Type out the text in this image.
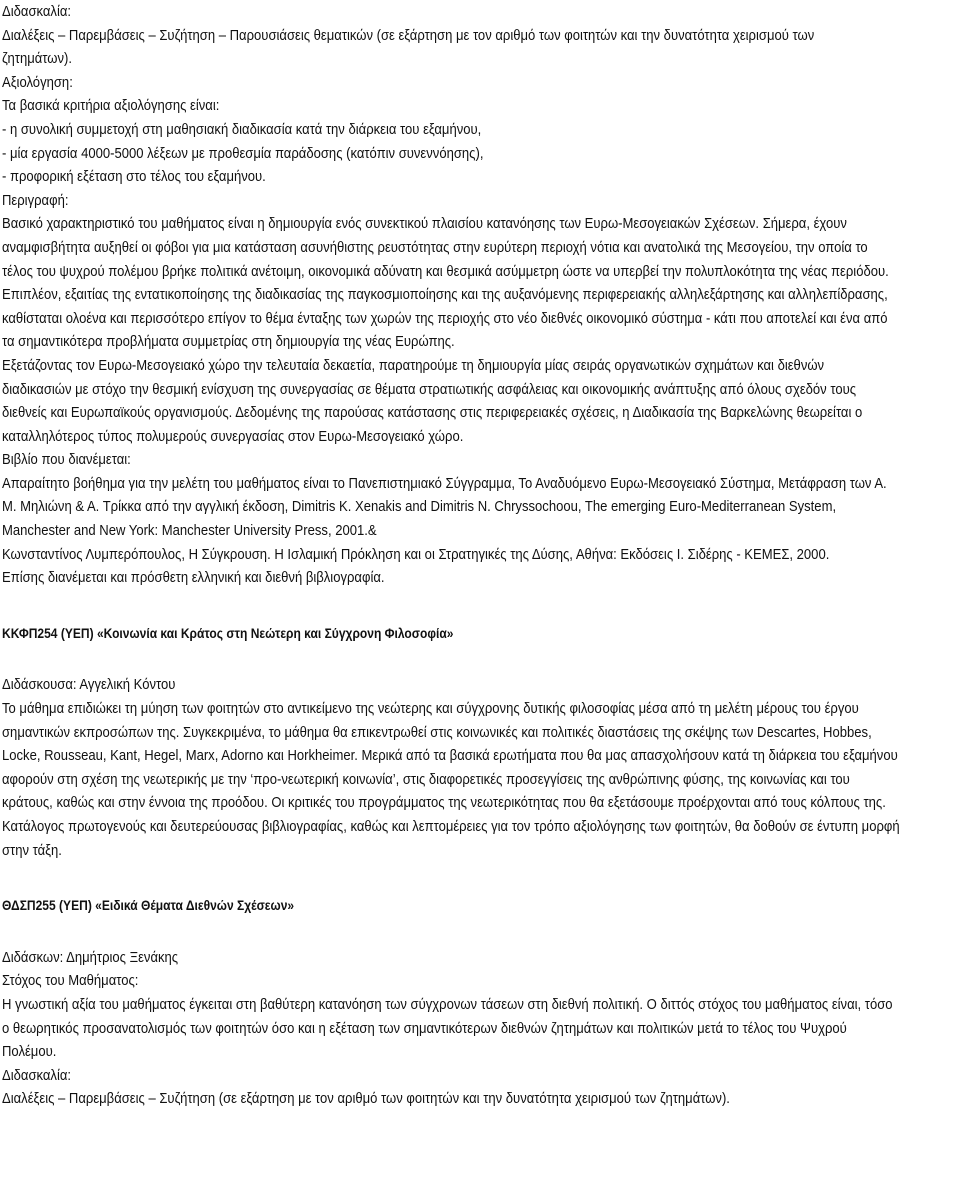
Διδασκαλία:
Διαλέξεις – Παρεμβάσεις – Συζήτηση – Παρουσιάσεις θεματικών (σε εξάρτηση με τον αριθμό των φοιτητών και την δυνατότητα χειρισμού των
ζητημάτων).
Αξιολόγηση:
Τα βασικά κριτήρια αξιολόγησης είναι:
- η συνολική συμμετοχή στη μαθησιακή διαδικασία κατά την διάρκεια του εξαμήνου,
- μία εργασία 4000-5000 λέξεων με προθεσμία παράδοσης (κατόπιν συνεννόησης),
- προφορική εξέταση στο τέλος του εξαμήνου.
Περιγραφή:
Βασικό χαρακτηριστικό του μαθήματος είναι η δημιουργία ενός συνεκτικού πλαισίου κατανόησης των Ευρω-Μεσογειακών Σχέσεων. Σήμερα, έχουν
αναμφισβήτητα αυξηθεί οι φόβοι για μια κατάσταση ασυνήθιστης ρευστότητας στην ευρύτερη περιοχή νότια και ανατολικά της Μεσογείου, την οποία το
τέλος του ψυχρού πολέμου βρήκε πολιτικά ανέτοιμη, οικονομικά αδύνατη και θεσμικά ασύμμετρη ώστε να υπερβεί την πολυπλοκότητα της νέας περιόδου.
Επιπλέον, εξαιτίας της εντατικοποίησης της διαδικασίας της παγκοσμιοποίησης και της αυξανόμενης περιφερειακής αλληλεξάρτησης και αλληλεπίδρασης,
καθίσταται ολοένα και περισσότερο επίγον το θέμα ένταξης των χωρών της περιοχής στο νέο διεθνές οικονομικό σύστημα - κάτι που αποτελεί και ένα από
τα σημαντικότερα προβλήματα συμμετρίας στη δημιουργία της νέας Ευρώπης.
Εξετάζοντας τον Ευρω-Μεσογειακό χώρο την τελευταία δεκαετία, παρατηρούμε τη δημιουργία μίας σειράς οργανωτικών σχημάτων και διεθνών
διαδικασιών με στόχο την θεσμική ενίσχυση της συνεργασίας σε θέματα στρατιωτικής ασφάλειας και οικονομικής ανάπτυξης από όλους σχεδόν τους
διεθνείς και Ευρωπαϊκούς οργανισμούς. Δεδομένης της παρούσας κατάστασης στις περιφερειακές σχέσεις, η Διαδικασία της Βαρκελώνης θεωρείται ο
καταλληλότερος τύπος πολυμερούς συνεργασίας στον Ευρω-Μεσογειακό χώρο.
Βιβλίο που διανέμεται:
Απαραίτητο βοήθημα για την μελέτη του μαθήματος είναι το Πανεπιστημιακό Σύγγραμμα, Το Αναδυόμενο Ευρω-Μεσογειακό Σύστημα, Μετάφραση των Α.
Μ. Μηλιώνη & Α. Τρίκκα από την αγγλική έκδοση, Dimitris K. Xenakis and Dimitris N. Chryssochoou, The emerging Euro-Mediterranean System,
Manchester and New York: Manchester University Press, 2001.&
Κωνσταντίνος Λυμπερόπουλος, Η Σύγκρουση. Η Ισλαμική Πρόκληση και οι Στρατηγικές της Δύσης, Αθήνα: Εκδόσεις Ι. Σιδέρης - ΚΕΜΕΣ, 2000.
Επίσης διανέμεται και πρόσθετη ελληνική και διεθνή βιβλιογραφία.
ΚΚΦΠ254 (ΥΕΠ) «Κοινωνία και Κράτος στη Νεώτερη και Σύγχρονη Φιλοσοφία»
Διδάσκουσα: Αγγελική Κόντου
Το μάθημα επιδιώκει τη μύηση των φοιτητών στο αντικείμενο της νεώτερης και σύγχρονης δυτικής φιλοσοφίας μέσα από τη μελέτη μέρους του έργου
σημαντικών εκπροσώπων της. Συγκεκριμένα, το μάθημα θα επικεντρωθεί στις κοινωνικές και πολιτικές διαστάσεις της σκέψης των Descartes, Hobbes,
Locke, Rousseau, Kant, Hegel, Marx, Adorno και Horkheimer. Μερικά από τα βασικά ερωτήματα που θα μας απασχολήσουν κατά τη διάρκεια του εξαμήνου
αφορούν στη σχέση της νεωτερικής με την ‘προ-νεωτερική κοινωνία’, στις διαφορετικές προσεγγίσεις της ανθρώπινης φύσης, της κοινωνίας και του
κράτους, καθώς και στην έννοια της προόδου. Οι κριτικές του προγράμματος της νεωτερικότητας που θα εξετάσουμε προέρχονται από τους κόλπους της.
Κατάλογος πρωτογενούς και δευτερεύουσας βιβλιογραφίας, καθώς και λεπτομέρειες για τον τρόπο αξιολόγησης των φοιτητών, θα δοθούν σε έντυπη μορφή
στην τάξη.
ΘΔΣΠ255 (ΥΕΠ) «Ειδικά Θέματα Διεθνών Σχέσεων»
Διδάσκων: Δημήτριος Ξενάκης
Στόχος του Μαθήματος:
Η γνωστική αξία του μαθήματος έγκειται στη βαθύτερη κατανόηση των σύγχρονων τάσεων στη διεθνή πολιτική. Ο διττός στόχος του μαθήματος είναι, τόσο
ο θεωρητικός προσανατολισμός των φοιτητών όσο και η εξέταση των σημαντικότερων διεθνών ζητημάτων και πολιτικών μετά το τέλος του Ψυχρού
Πολέμου.
Διδασκαλία:
Διαλέξεις – Παρεμβάσεις – Συζήτηση (σε εξάρτηση με τον αριθμό των φοιτητών και την δυνατότητα χειρισμού των ζητημάτων).
